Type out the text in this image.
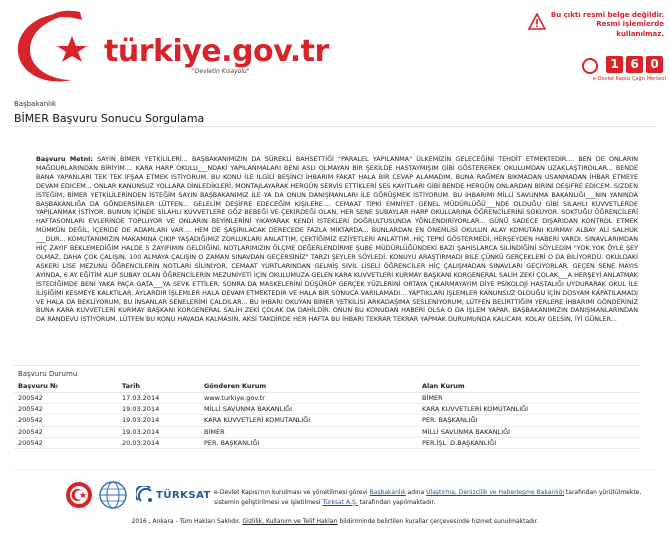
türkiye.gov.tr
"Devletin Kısayolu"
Bu çıktı resmi belge değildir.
Resmi işlemlerde kullanılmaz.
1 6 0
e-Devlet Kapısı Çağrı Merkezi
Başbakanlık
BİMER Başvuru Sonucu Sorgulama
Başvuru Metni: SAYIN BİMER YETKİLİLERİ... BAŞBAKANIMIZIN DA SÜREKLİ BAHSETTİĞİ "PARALEL YAPILANMA" ÜLKEMİZİN GELECEĞİNİ TEHDİT ETMEKTEDİR.... BEN DE ONLARIN MAĞDURLARINDAN BİRİYİM.... KARA HARP OKULU___NDAKİ YAPILANMALARI BENİ ASLI OLMAYAN BİR ŞEKİLDE HASTAYMIŞIM GİBİ GÖSTEREREK OKULUMDAN UZAKLAŞTIRDILAR... BENDE BANA YAPANLARI TEK TEK İFŞAA ETMEK İSTİYORUM. BU KONU İLE İLGİLİ BEŞİNCİ İHBARIM FAKAT HALA BİR CEVAP ALAMADIM. BUNA RAĞMEN BIKMADAN USANMADAN İHBAR ETMEYE DEVAM EDİCEM... ONLAR KANUNSUZ YOLLARA DİNLEDİKLERİ, MONTAJLAYARAK HERGÜN SERVİS ETTİKLERİ SES KAYITLARI GİBİ BENDE HERGÜN ONLARDAN BİRİNİ DEŞİFRE EDİCEM. SİZDEN İSTEĞİM, BİMER YETKİLİLERİNDEN İSTEĞİM SAYIN BAŞBAKANIMIZ İLE YA DA ONUN DANIŞMANLARI İLE GÖRÜŞMEK İSTİYORUM. BU İHBARIMI MİLLİ SAVUNMA BAKANLIĞI___NIN YANINDA BAŞBAKANLIĞA DA GÖNDERSİNLER LÜTFEN... GELELİM DEŞİFRE EDECEĞİM KİŞİLERE.... CEMAAT TİPKİ EMNİYET GENEL MÜDÜRLÜĞÜ___NDE OLDUĞU GİBİ SİLAHLI KUVVETLERDE YAPILANMAK İSTİYOR. BUNUN İÇİNDE SİLAHLI KUVVETLERE GÖZ BEBEĞİ VE ÇEKİRDEĞİ OLAN, HER SENE SUBAYLAR HARP OKULLARINA ÖĞRENCİLERİNİ SOKUYOR. SOKTUĞU ÖĞRENCİLERİ HAFTASONLARI EVLERİNDE TOPLUYOR VE ONLARIN BEYİNLERİNİ YIKAYARAK KENDİ İSTEKLERİ DOĞRULTUSUNDA YÖNLENDİRİYORLAR... GÜNÜ SADECE DIŞARIDAN KONTROL ETMEK MÜMKÜN DEĞİL, İÇERİDE DE ADAMLARI VAR.... HEM DE ŞAŞIRILACAK DERECEDE FAZLA MİKTARDA... BUNLARDAN EN ÖNEMLİSİ OKULUN ALAY KOMUTANI KURMAY ALBAY ALİ SALHUK ___DUR... KOMUTANIMIZIN MAKAMINA ÇIKIP YAŞADIĞIMIZ ZORLUKLARI ANLATTIM, ÇEKTİĞİMİZ EZİYETLERİ ANLATTIM. HİÇ TEPKİ GÖSTERMEDİ, HERŞEYDEN HABERİ VARDI. SINAVLARIMDAN HİÇ ZAYIF BEKLEMEDİĞİM HALDE 5 ZAYIFIMIN GELDİĞİNİ, NOTLARIMIZIN ÖLÇME DEĞERLENDİRME ŞUBE MÜDÜRLÜĞÜNDEKİ BAZI ŞAHISLARCA SİLİNDİĞİNİ SÖYLEDİM "YOK YOK ÖYLE ŞEY OLMAZ, DAHA ÇOK ÇALIŞIN, 100 ALMAYA ÇALIŞIN O ZAMAN SINAVDAN GEÇERSİNİZ" TARZI ŞEYLER SÖYLEDİ. KONUYU ARAŞTIRMADI BİLE ÇÜNKÜ GERÇEKLERİ O DA BİLİYORDU. OKULDAKİ ASKERİ LİSE MEZUNU ÖĞRENCİLERİN NOTLARI SİLİNİYOR, CEMAAT YURTLARINDAN GELMİŞ SİVİL LİSELİ ÖĞRENCİLER HİÇ ÇALIŞMADAN SINAVLARI GEÇİYORLAR. GEÇEN SENE MAYIS AYINDA, 6 AY EĞİTİM ALIP SUBAY OLAN ÖĞRENCİLERİN MEZUNİYETİ İÇİN OKULUMUZA GELEN KARA KUVVETLERİ KURMAY BAŞKANI KORGENERAL SALİH ZEKİ ÇOLAK___A HERŞEYİ ANLATMAK İSTEDİĞİMDE BENİ YAKA PAÇA GATA___YA SEVK ETTİLER, SONRA DA MASKELERİNİ DÜŞÜRÜP GERÇEK YÜZLERİNİ ORTAYA ÇIKARMAYAYIM DİYE PSİKOLOJİ HASTALIĞI UYDURARAK OKUL İLE İLİŞİĞİMİ KESMEYE KALKTILAR. AYLARDIR İŞLEMLER HALA DEVAM ETMEKTEDİR VE HALA BİR SONUCA VARILAMADI... YAPTIKLARI İŞLEMLER KANUNSUZ OLDUĞU İÇİN DOSYAM KAPATILAMADI VE HALA DA BEKLİYORUM, BU İNSANLAR SENELERİMİ ÇALDILAR... BU İHBARI OKUYAN BİMER YETKİLİSİ ARKADAŞIMA SESLENİYORUM, LÜTFEN BELİRTTİĞİM YERLERE İHBARIMI GÖNDERİNİZ BUNA KARA KUVVETLERİ KURMAY BAŞKANI KORGENERAL SALİH ZEKİ ÇOLAK DA DAHİLDİR. ONUN BU KONUDAN HABERİ OLSA O DA İŞLEM YAPAR. BAŞBAKANIMIZIN DANIŞMANLARINDAN DA RANDEVU İSTİYORUM. LÜTFEN BU KONU HAVADA KALMASIN, AKSİ TAKDİRDE HER HAFTA BU İHBARI TEKRAR TEKRAR YAPMAK DURUMUNDA KALICAM. KOLAY GELSİN, İYİ GÜNLER...
Başvuru Durumu
Başvuru №	Tarih	Gönderen Kurum	Alan Kurum
200542	17.03.2014	www.turkiye.gov.tr	BİMER
200542	19.03.2014	MİLLİ SAVUNMA BAKANLIĞI	KARA KUVVETLERİ KOMUTANLIĞI
200542	19.03.2014	KARA KUVVETLERİ KOMUTANLIĞI	PER. BAŞKANLIĞI
200542	19.03.2014	BİMER	MİLLİ SAVUNMA BAKANLIĞI
200542	20.03.2014	PER. BAŞKANLIĞI	PER.İŞL. D.BAŞKANLIĞI
TÜRKSAT e-Devlet Kapısı'nın kurulması ve yönetilmesi görevi Başbakanlık adına Ulaştırma, Denizcilik ve Haberleşme Bakanlığı tarafından yürütülmekte, sistemin geliştirilmesi ve işletilmesi Türksat A.Ş. tarafından yapılmaktadır.
2016 , Ankara - Tüm Hakları Saklıdır. Gizlilik, Kullanım ve Telif Hakları bildiriminde belirtilen kurallar çerçevesinde hizmet sunulmaktadır.
